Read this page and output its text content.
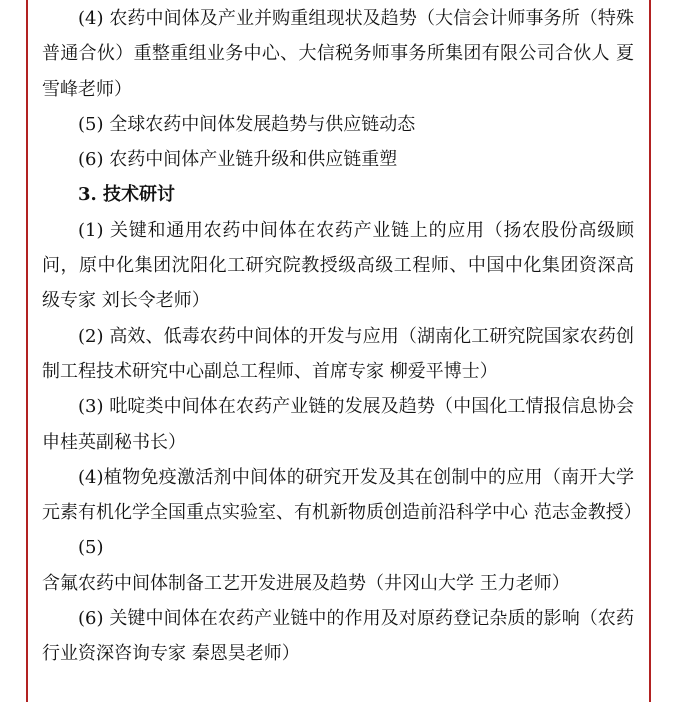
(4) 农药中间体及产业并购重组现状及趋势（大信会计师事务所（特殊普通合伙）重整重组业务中心、大信税务师事务所集团有限公司合伙人 夏雪峰老师）

(5) 全球农药中间体发展趋势与供应链动态

(6) 农药中间体产业链升级和供应链重塑

3. 技术研讨

(1) 关键和通用农药中间体在农药产业链上的应用（扬农股份高级顾问，原中化集团沈阳化工研究院教授级高级工程师、中国中化集团资深高级专家 刘长令老师）

(2) 高效、低毒农药中间体的开发与应用（湖南化工研究院国家农药创制工程技术研究中心副总工程师、首席专家 柳爱平博士）

(3) 吡啶类中间体在农药产业链的发展及趋势（中国化工情报信息协会 申桂英副秘书长）

(4)植物免疫激活剂中间体的研究开发及其在创制中的应用（南开大学元素有机化学全国重点实验室、有机新物质创造前沿科学中心 范志金教授）

(5) 含氟农药中间体制备工艺开发进展及趋势（井冈山大学 王力老师）

(6) 关键中间体在农药产业链中的作用及对原药登记杂质的影响（农药行业资深咨询专家 秦恩昊老师）
